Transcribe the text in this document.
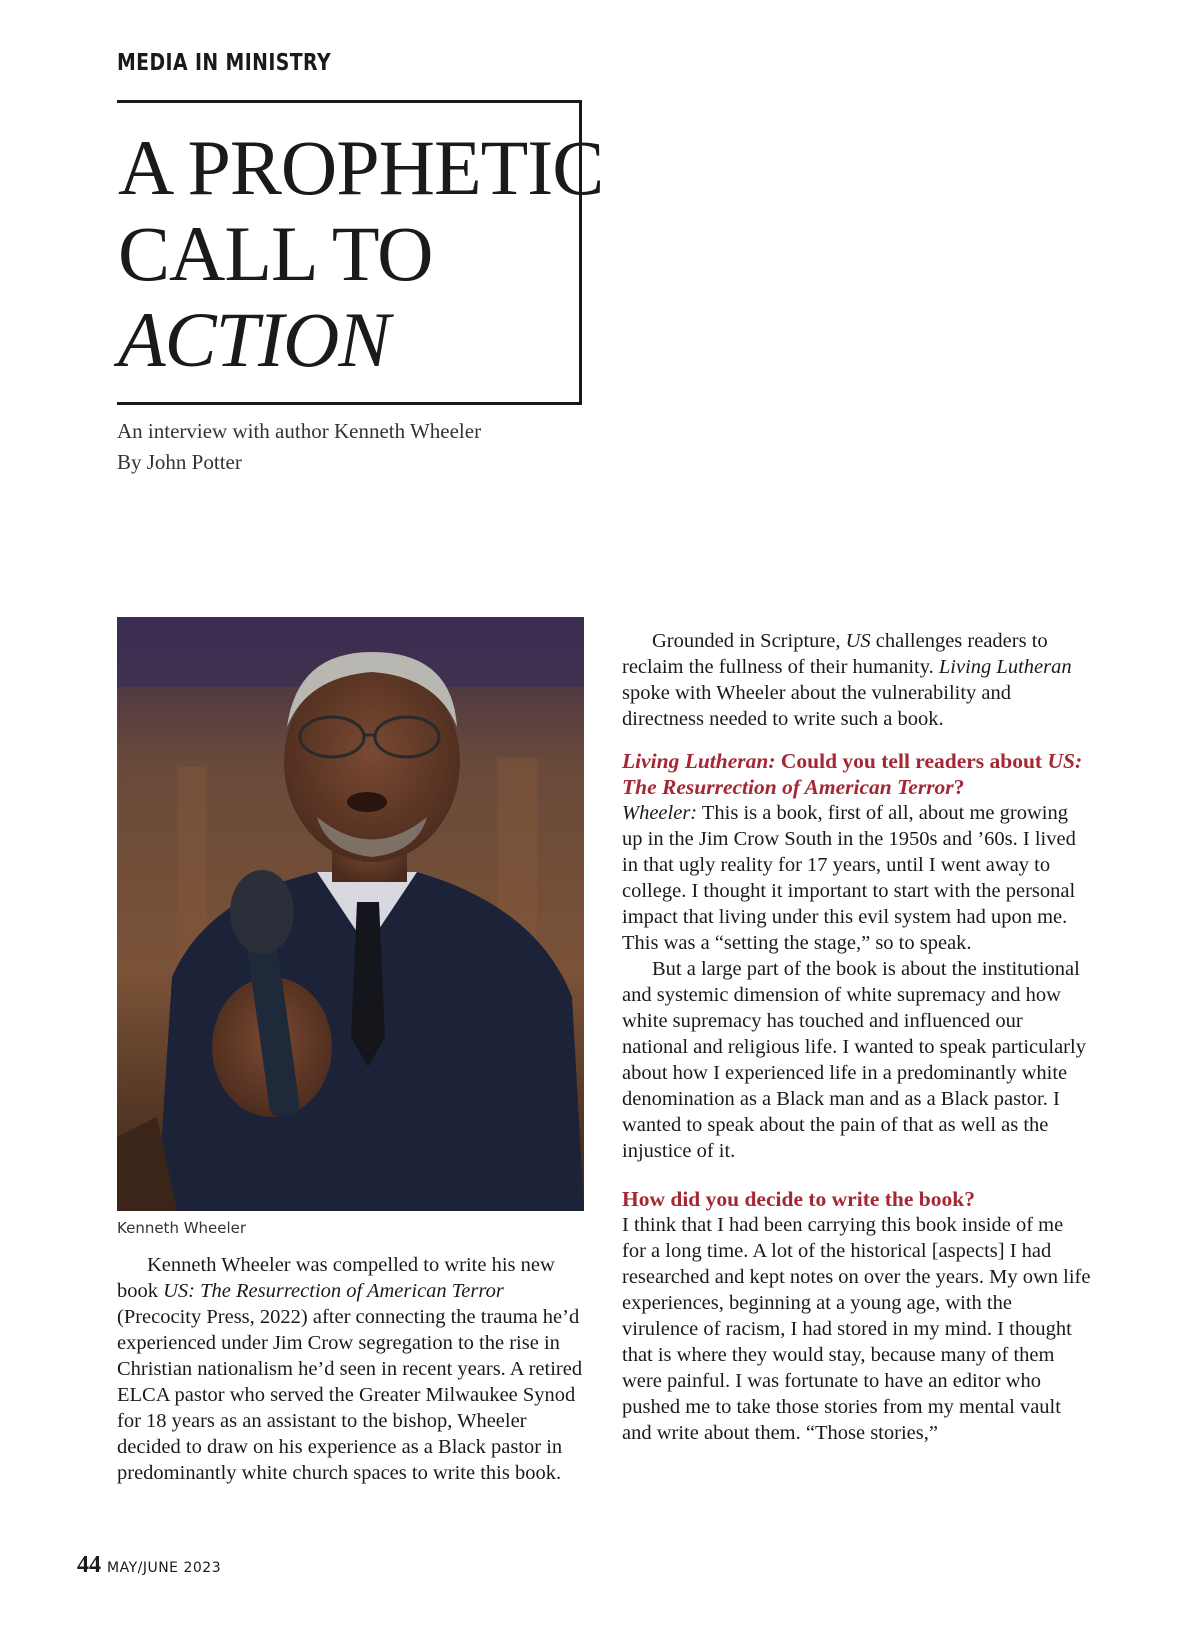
MEDIA IN MINISTRY
A PROPHETIC
CALL TO
ACTION
An interview with author Kenneth Wheeler
By John Potter
Kenneth Wheeler

Kenneth Wheeler was compelled to write his new book US: The Resurrection of American Terror (Precocity Press, 2022) after connecting the trauma he’d experienced under Jim Crow segregation to the rise in Christian nationalism he’d seen in recent years. A retired ELCA pastor who served the Greater Milwaukee Synod for 18 years as an assistant to the bishop, Wheeler decided to draw on his experience as a Black pastor in predominantly white church spaces to write this book.

Grounded in Scripture, US challenges readers to reclaim the fullness of their humanity. Living Lutheran spoke with Wheeler about the vulnerability and directness needed to write such a book.

Living Lutheran: Could you tell readers about US: The Resurrection of American Terror?

Wheeler: This is a book, first of all, about me growing up in the Jim Crow South in the 1950s and ’60s. I lived in that ugly reality for 17 years, until I went away to college. I thought it important to start with the personal impact that living under this evil system had upon me. This was a “setting the stage,” so to speak.

But a large part of the book is about the institutional and systemic dimension of white supremacy and how white supremacy has touched and influenced our national and religious life. I wanted to speak particularly about how I experienced life in a predominantly white denomination as a Black man and as a Black pastor. I wanted to speak about the pain of that as well as the injustice of it.

How did you decide to write the book?

I think that I had been carrying this book inside of me for a long time. A lot of the historical [aspects] I had researched and kept notes on over the years. My own life experiences, beginning at a young age, with the virulence of racism, I had stored in my mind. I thought that is where they would stay, because many of them were painful. I was fortunate to have an editor who pushed me to take those stories from my mental vault and write about them. “Those stories,”

44 MAY/JUNE 2023
